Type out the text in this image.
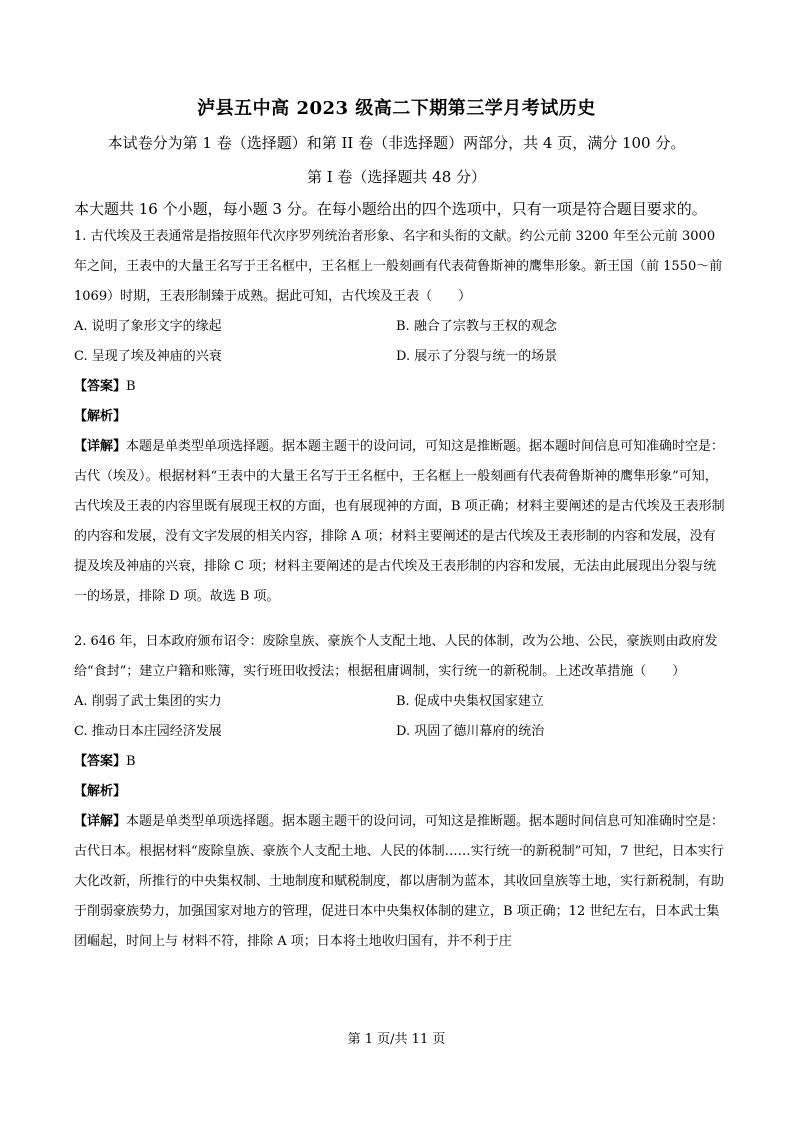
泸县五中高 2023 级高二下期第三学月考试历史
本试卷分为第 1 卷（选择题）和第 II 卷（非选择题）两部分，共 4 页，满分 100 分。
第 I 卷（选择题共 48 分）
本大题共 16 个小题，每小题 3 分。在每小题给出的四个选项中，只有一项是符合题目要求的。

1. 古代埃及王表通常是指按照年代次序罗列统治者形象、名字和头衔的文献。约公元前 3200 年至公元前 3000 年之间，王表中的大量王名写于王名框中，王名框上一般刻画有代表荷鲁斯神的鹰隼形象。新王国（前 1550～前 1069）时期，王表形制臻于成熟。据此可知，古代埃及王表（　　）

A. 说明了象形文字的缘起	B. 融合了宗教与王权的观念
C. 呈现了埃及神庙的兴衰	D. 展示了分裂与统一的场景
【答案】B
【解析】

【详解】本题是单类型单项选择题。据本题主题干的设问词，可知这是推断题。据本题时间信息可知准确时空是：古代（埃及）。根据材料“王表中的大量王名写于王名框中，王名框上一般刻画有代表荷鲁斯神的鹰隼形象”可知，古代埃及王表的内容里既有展现王权的方面，也有展现神的方面，B 项正确；材料主要阐述的是古代埃及王表形制的内容和发展，没有文字发展的相关内容，排除 A 项；材料主要阐述的是古代埃及王表形制的内容和发展，没有提及埃及神庙的兴衰，排除 C 项；材料主要阐述的是古代埃及王表形制的内容和发展，无法由此展现出分裂与统一的场景，排除 D 项。故选 B 项。

2. 646 年，日本政府颁布诏令：废除皇族、豪族个人支配土地、人民的体制，改为公地、公民，豪族则由政府发给“食封”；建立户籍和账簿，实行班田收授法；根据租庸调制，实行统一的新税制。上述改革措施（　　）

A. 削弱了武士集团的实力	B. 促成中央集权国家建立
C. 推动日本庄园经济发展	D. 巩固了德川幕府的统治
【答案】B
【解析】

【详解】本题是单类型单项选择题。据本题主题干的设问词，可知这是推断题。据本题时间信息可知准确时空是：古代日本。根据材料“废除皇族、豪族个人支配土地、人民的体制……实行统一的新税制”可知，7 世纪，日本实行大化改新，所推行的中央集权制、土地制度和赋税制度，都以唐制为蓝本，其收回皇族等土地，实行新税制，有助于削弱豪族势力，加强国家对地方的管理，促进日本中央集权体制的建立，B 项正确；12 世纪左右，日本武士集团崛起，时间上与 材料不符，排除 A 项；日本将土地收归国有，并不利于庄

第 1 页/共 11 页
